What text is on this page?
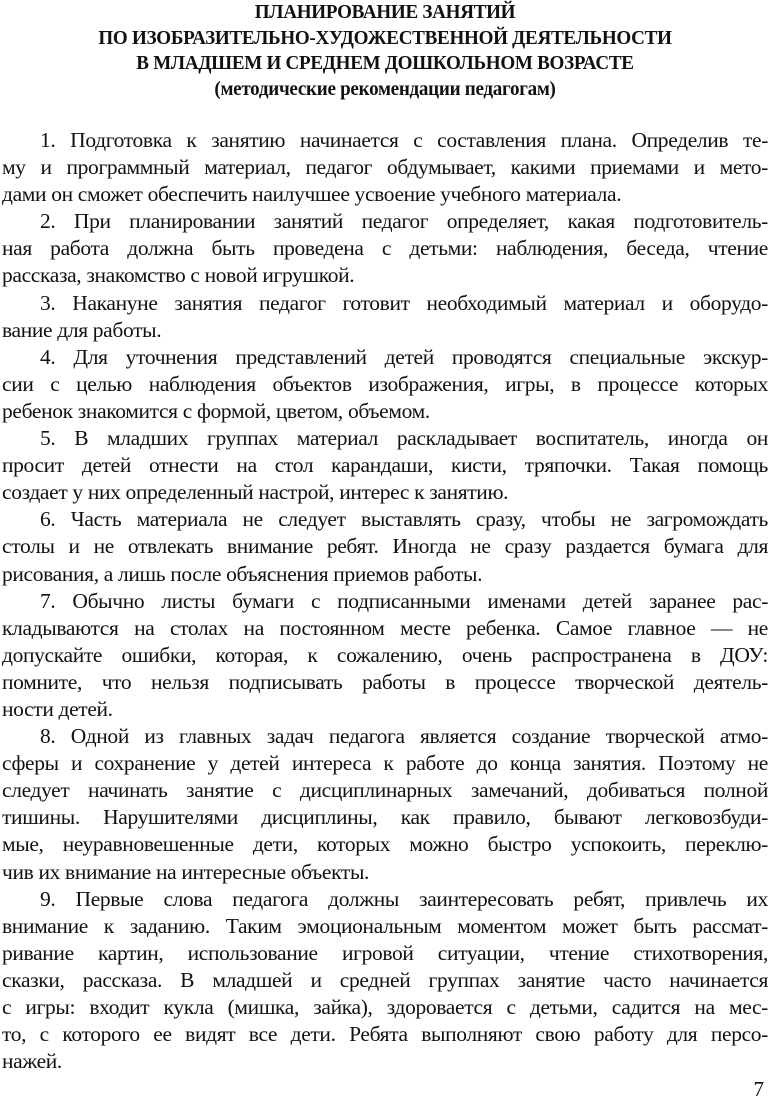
ПЛАНИРОВАНИЕ ЗАНЯТИЙ
ПО ИЗОБРАЗИТЕЛЬНО-ХУДОЖЕСТВЕННОЙ ДЕЯТЕЛЬНОСТИ
В МЛАДШЕМ И СРЕДНЕМ ДОШКОЛЬНОМ ВОЗРАСТЕ
(методические рекомендации педагогам)
1. Подготовка к занятию начинается с составления плана. Определив те-
му и программный материал, педагог обдумывает, какими приемами и мето-
дами он сможет обеспечить наилучшее усвоение учебного материала.
2. При планировании занятий педагог определяет, какая подготовитель-
ная работа должна быть проведена с детьми: наблюдения, беседа, чтение
рассказа, знакомство с новой игрушкой.
3. Накануне занятия педагог готовит необходимый материал и оборудо-
вание для работы.
4. Для уточнения представлений детей проводятся специальные экскур-
сии с целью наблюдения объектов изображения, игры, в процессе которых
ребенок знакомится с формой, цветом, объемом.
5. В младших группах материал раскладывает воспитатель, иногда он
просит детей отнести на стол карандаши, кисти, тряпочки. Такая помощь
создает у них определенный настрой, интерес к занятию.
6. Часть материала не следует выставлять сразу, чтобы не загромождать
столы и не отвлекать внимание ребят. Иногда не сразу раздается бумага для
рисования, а лишь после объяснения приемов работы.
7. Обычно листы бумаги с подписанными именами детей заранее рас-
кладываются на столах на постоянном месте ребенка. Самое главное — не
допускайте ошибки, которая, к сожалению, очень распространена в ДОУ:
помните, что нельзя подписывать работы в процессе творческой деятель-
ности детей.
8. Одной из главных задач педагога является создание творческой атмо-
сферы и сохранение у детей интереса к работе до конца занятия. Поэтому не
следует начинать занятие с дисциплинарных замечаний, добиваться полной
тишины. Нарушителями дисциплины, как правило, бывают легковозбуди-
мые, неуравновешенные дети, которых можно быстро успокоить, переклю-
чив их внимание на интересные объекты.
9. Первые слова педагога должны заинтересовать ребят, привлечь их
внимание к заданию. Таким эмоциональным моментом может быть рассмат-
ривание картин, использование игровой ситуации, чтение стихотворения,
сказки, рассказа. В младшей и средней группах занятие часто начинается
с игры: входит кукла (мишка, зайка), здоровается с детьми, садится на мес-
то, с которого ее видят все дети. Ребята выполняют свою работу для персо-
нажей.
7
